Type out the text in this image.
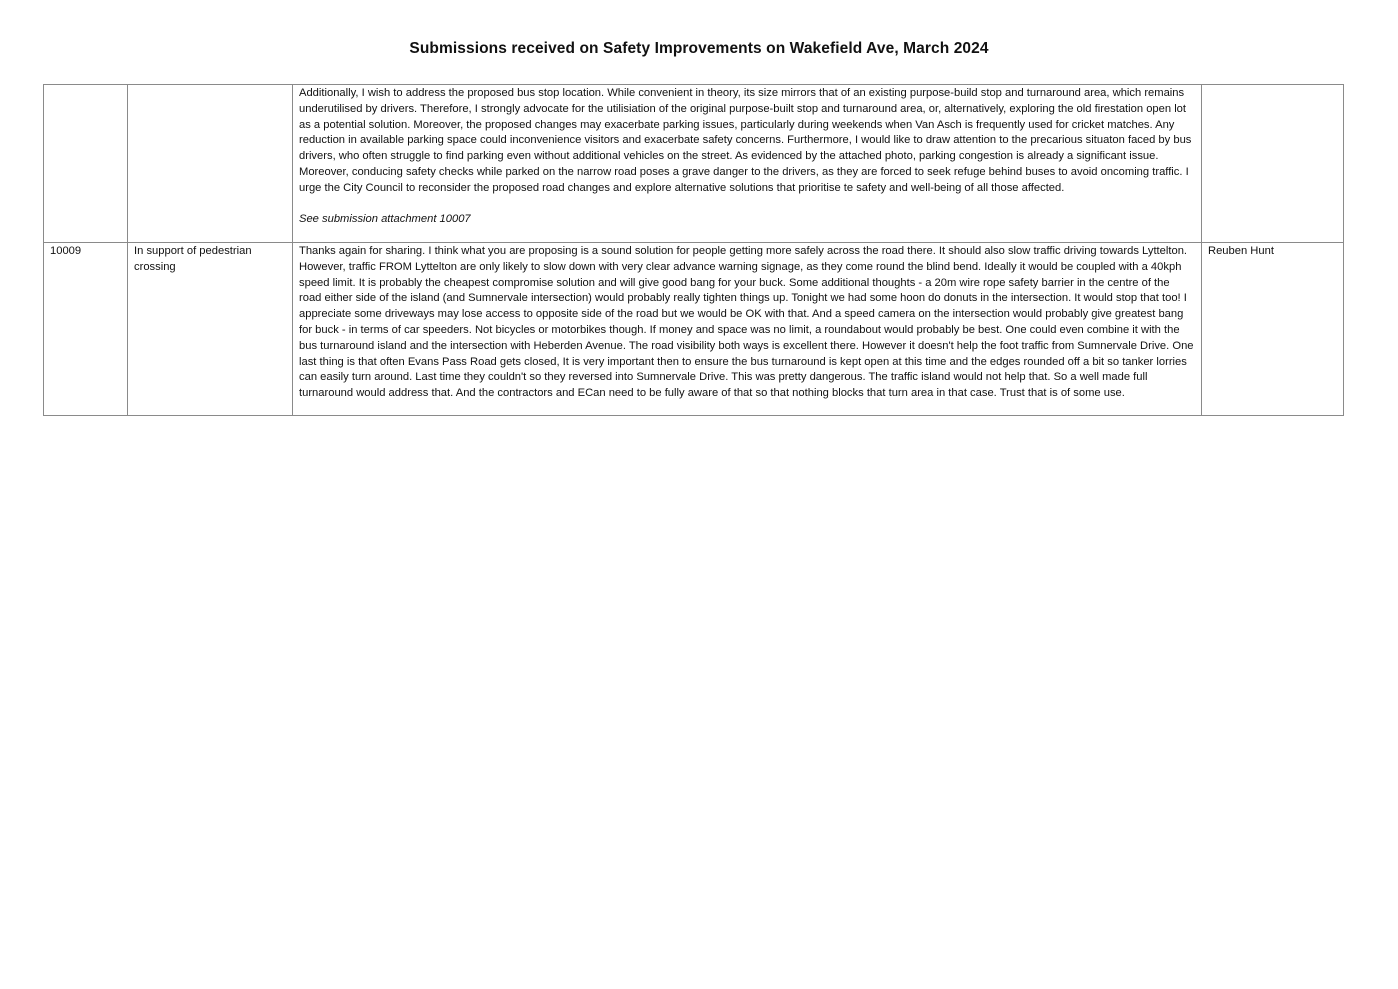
Submissions received on Safety Improvements on Wakefield Ave, March 2024

		Additionally, I wish to address the proposed bus stop location. While convenient in theory, its size mirrors that of an existing purpose-build stop and turnaround area, which remains underutilised by drivers. Therefore, I strongly advocate for the utilisiation of the original purpose-built stop and turnaround area, or, alternatively, exploring the old firestation open lot as a potential solution. Moreover, the proposed changes may exacerbate parking issues, particularly during weekends when Van Asch is frequently used for cricket matches. Any reduction in available parking space could inconvenience visitors and exacerbate safety concerns. Furthermore, I would like to draw attention to the precarious situaton faced by bus drivers, who often struggle to find parking even without additional vehicles on the street. As evidenced by the attached photo, parking congestion is already a significant issue. Moreover, conducing safety checks while parked on the narrow road poses a grave danger to the drivers, as they are forced to seek refuge behind buses to avoid oncoming traffic. I urge the City Council to reconsider the proposed road changes and explore alternative solutions that prioritise te safety and well-being of all those affected.
See submission attachment 10007	

10009	In support of pedestrian crossing	Thanks again for sharing. I think what you are proposing is a sound solution for people getting more safely across the road there. It should also slow traffic driving towards Lyttelton. However, traffic FROM Lyttelton are only likely to slow down with very clear advance warning signage, as they come round the blind bend. Ideally it would be coupled with a 40kph speed limit. It is probably the cheapest compromise solution and will give good bang for your buck. Some additional thoughts - a 20m wire rope safety barrier in the centre of the road either side of the island (and Sumnervale intersection) would probably really tighten things up. Tonight we had some hoon do donuts in the intersection. It would stop that too! I appreciate some driveways may lose access to opposite side of the road but we would be OK with that. And a speed camera on the intersection would probably give greatest bang for buck - in terms of car speeders. Not bicycles or motorbikes though. If money and space was no limit, a roundabout would probably be best. One could even combine it with the bus turnaround island and the intersection with Heberden Avenue. The road visibility both ways is excellent there. However it doesn't help the foot traffic from Sumnervale Drive. One last thing is that often Evans Pass Road gets closed, It is very important then to ensure the bus turnaround is kept open at this time and the edges rounded off a bit so tanker lorries can easily turn around. Last time they couldn't so they reversed into Sumnervale Drive. This was pretty dangerous. The traffic island would not help that. So a well made full turnaround would address that. And the contractors and ECan need to be fully aware of that so that nothing blocks that turn area in that case. Trust that is of some use.	Reuben Hunt
